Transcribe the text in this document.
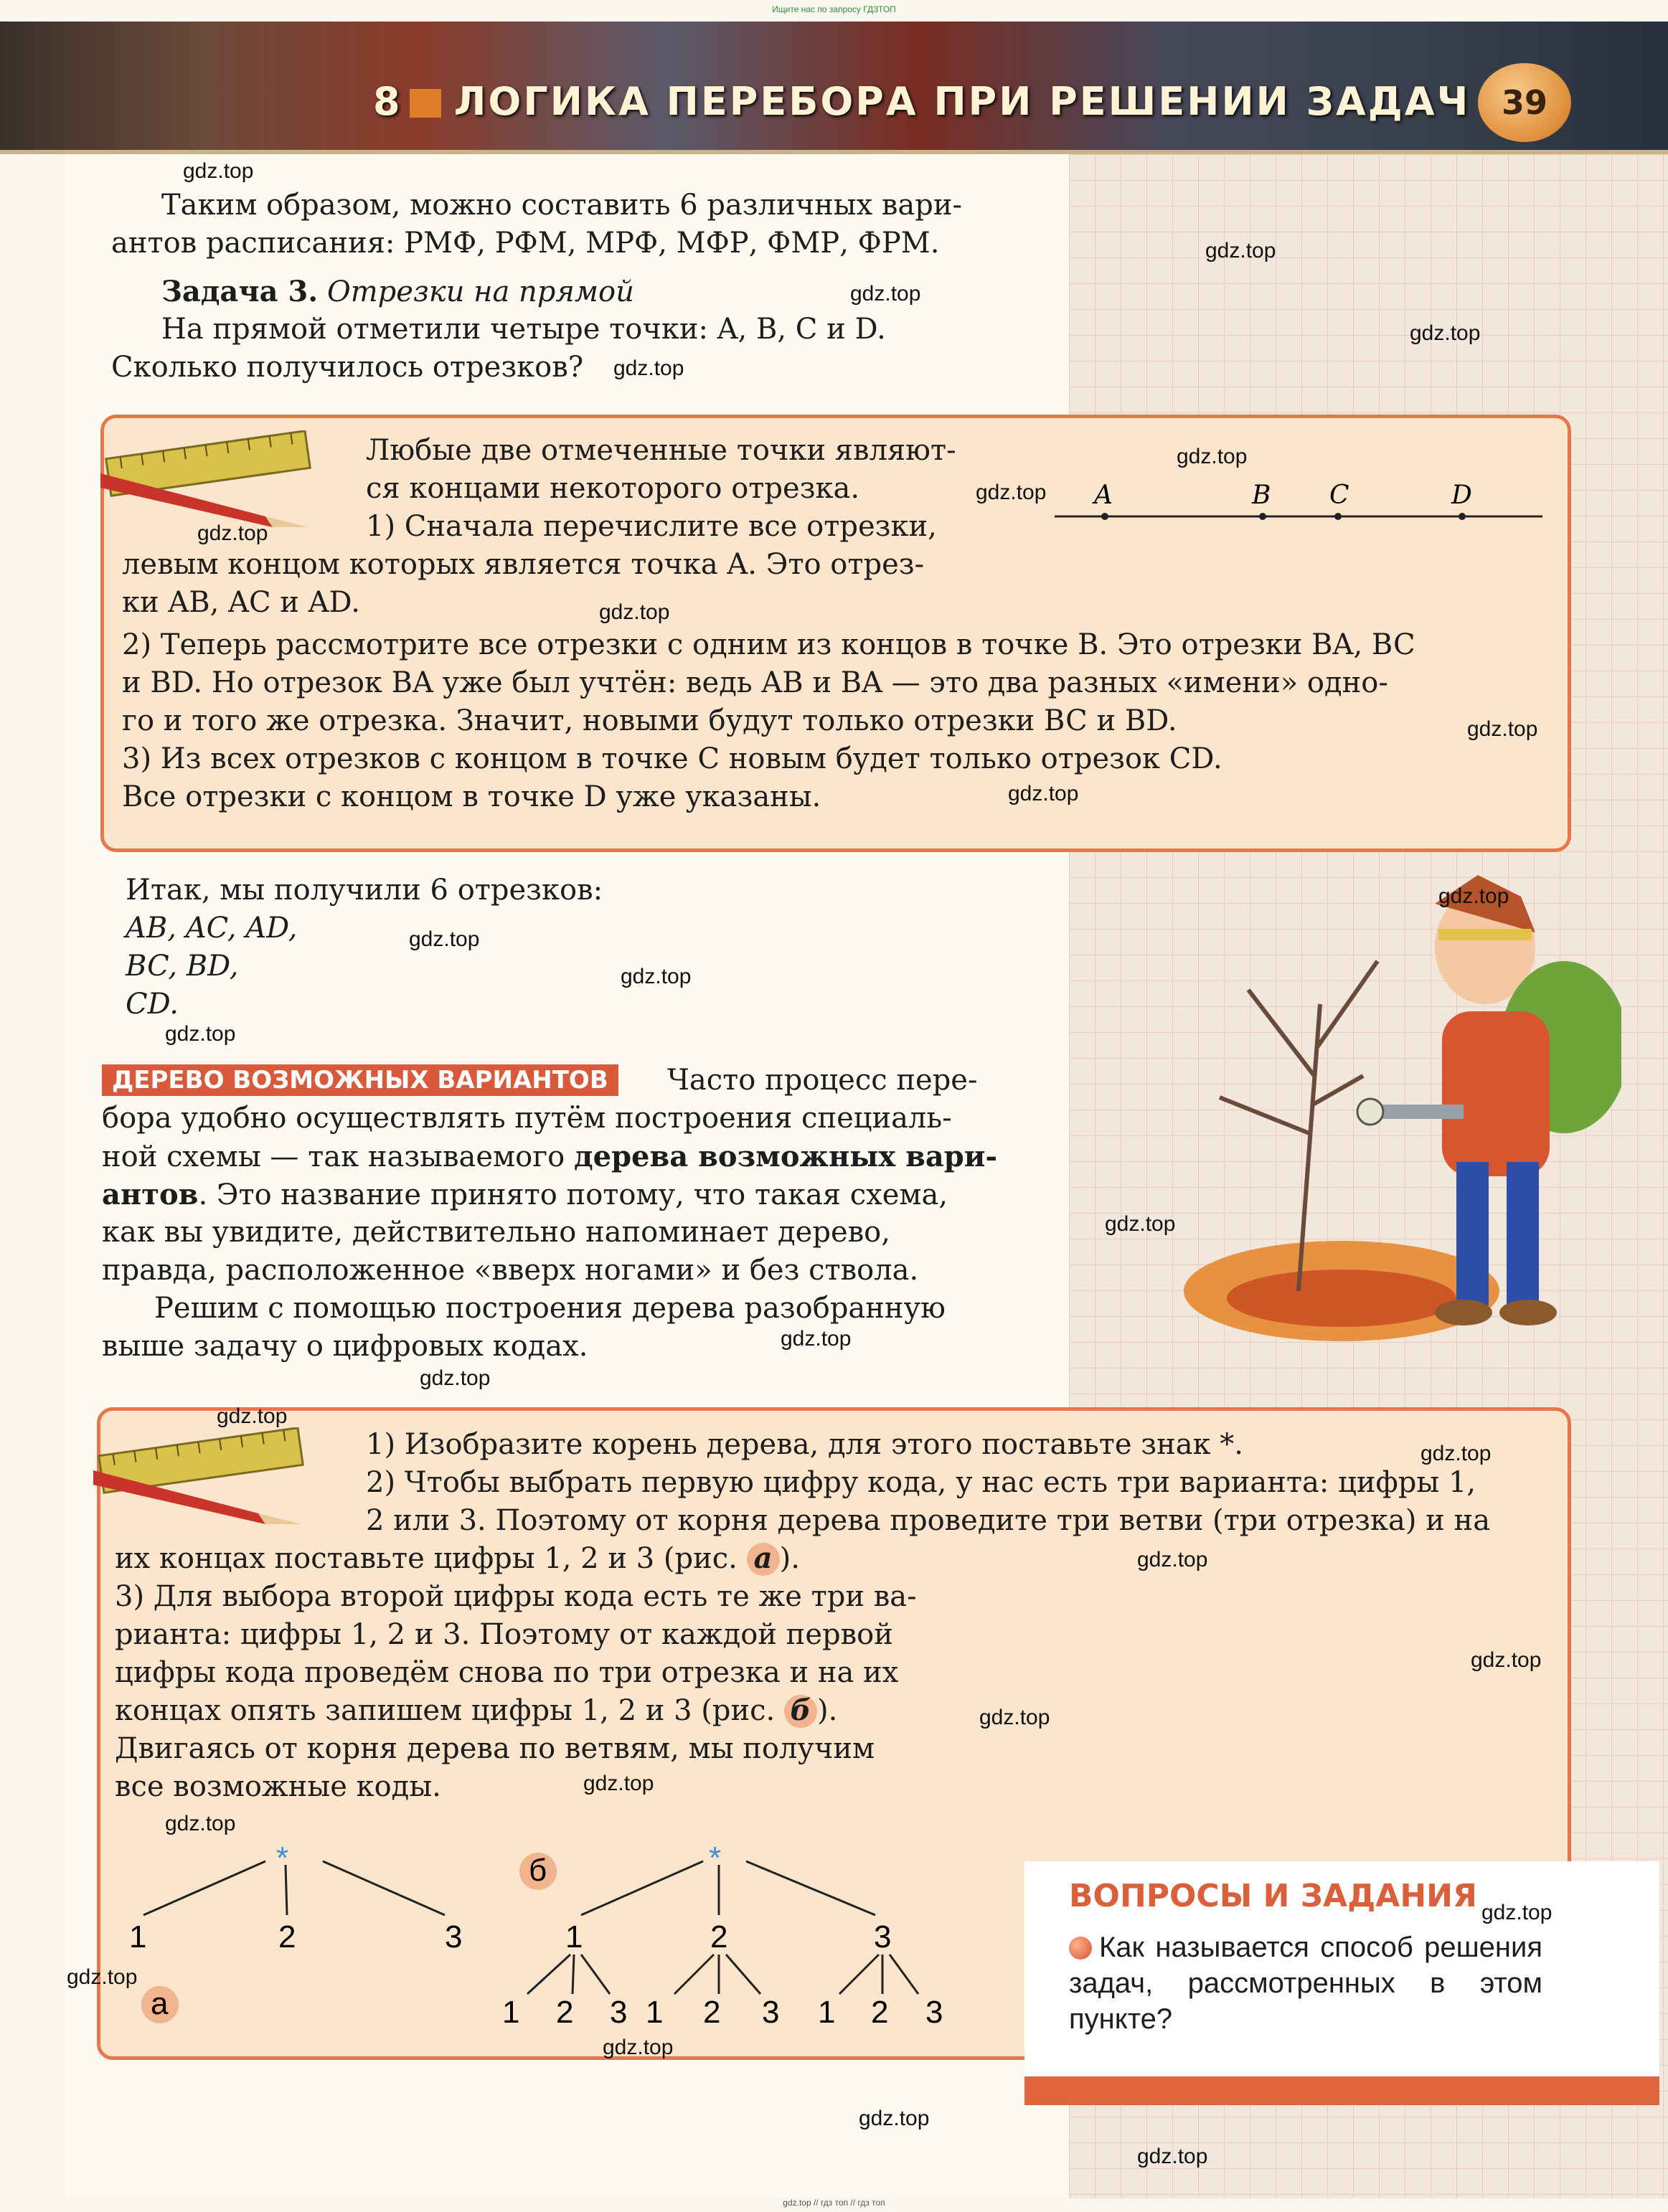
Ищите нас по запросу ГДЗТОП
8 ЛОГИКА ПЕРЕБОРА ПРИ РЕШЕНИИ ЗАДАЧ 39
Таким образом, можно составить 6 различных вари-
антов расписания: РМФ, РФМ, МРФ, МФР, ФМР, ФРМ.
Задача 3. Отрезки на прямой
На прямой отметили четыре точки: A, B, C и D.
Сколько получилось отрезков?
Любые две отмеченные точки являют-
ся концами некоторого отрезка.
1) Сначала перечислите все отрезки,
левым концом которых является точка A. Это отрез-
ки AB, AC и AD.
2) Теперь рассмотрите все отрезки с одним из концов в точке B. Это отрезки BA, BC
и BD. Но отрезок BA уже был учтён: ведь AB и BA — это два разных «имени» одно-
го и того же отрезка. Значит, новыми будут только отрезки BC и BD.
3) Из всех отрезков с концом в точке C новым будет только отрезок CD.
Все отрезки с концом в точке D уже указаны.
A	B C	D
Итак, мы получили 6 отрезков:
AB, AC, AD,
BC, BD,
CD.
ДЕРЕВО ВОЗМОЖНЫХ ВАРИАНТОВ	Часто процесс пере-
бора удобно осуществлять путём построения специаль-
ной схемы — так называемого дерева возможных вари-
антов. Это название принято потому, что такая схема,
как вы увидите, действительно напоминает дерево,
правда, расположенное «вверх ногами» и без ствола.
Решим с помощью построения дерева разобранную
выше задачу о цифровых кодах.
1) Изобразите корень дерева, для этого поставьте знак *.
2) Чтобы выбрать первую цифру кода, у нас есть три варианта: цифры 1,
2 или 3. Поэтому от корня дерева проведите три ветви (три отрезка) и на
их концах поставьте цифры 1, 2 и 3 (рис. а ).
3) Для выбора второй цифры кода есть те же три ва-
рианта: цифры 1, 2 и 3. Поэтому от каждой первой
цифры кода проведём снова по три отрезка и на их
концах опять запишем цифры 1, 2 и 3 (рис. б ).
Двигаясь от корня дерева по ветвям, мы получим
все возможные коды.
*
1	2	3
а
б	*
1	2	3
1 2 3 1 2 3 1 2 3
ВОПРОСЫ И ЗАДАНИЯ
Как называется способ решения задач, рассмотренных в этом пункте?
gdz.top
gdz.top
gdz.top
gdz.top
gdz.top
gdz.top
gdz.top
gdz.top
gdz.top
gdz.top
gdz.top
gdz.top
gdz.top
gdz.top
gdz.top
gdz.top
gdz.top
gdz.top
gdz.top
gdz.top
gdz.top
gdz.top
gdz.top
gdz.top
gdz.top
gdz.top
gdz.top
gdz.top
gdz.top
gdz.top
gdz.top // гдз топ // гдз топ
